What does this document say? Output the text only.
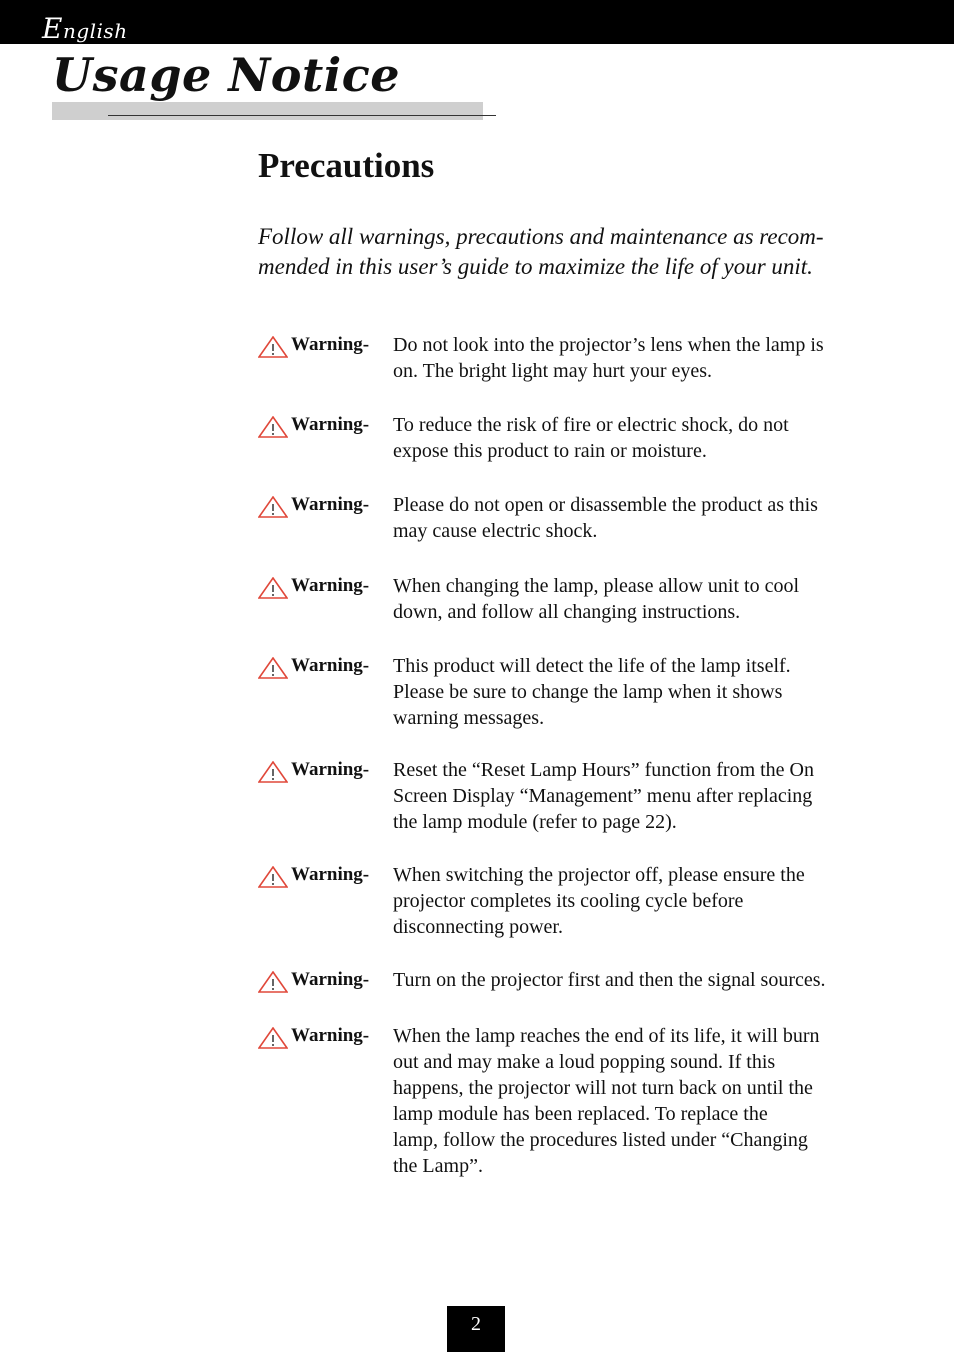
English
Usage Notice
Precautions

Follow all warnings, precautions and maintenance as recom-
mended in this user’s guide to maximize the life of your unit.

Warning- Do not look into the projector’s lens when the lamp is
on. The bright light may hurt your eyes.

Warning- To reduce the risk of fire or electric shock, do not
expose this product to rain or moisture.

Warning- Please do not open or disassemble the product as this
may cause electric shock.

Warning- When changing the lamp, please allow unit to cool
down, and follow all changing instructions.

Warning- This product will detect the life of the lamp itself.
Please be sure to change the lamp when it shows
warning messages.

Warning- Reset the “Reset Lamp Hours” function from the On
Screen Display “Management” menu after replacing
the lamp module (refer to page 22).

Warning- When switching the projector off, please ensure the
projector completes its cooling cycle before
disconnecting power.

Warning- Turn on the projector first and then the signal sources.

Warning- When the lamp reaches the end of its life, it will burn
out and may make a loud popping sound. If this
happens, the projector will not turn back on until the
lamp module has been replaced. To replace the
lamp, follow the procedures listed under “Changing
the Lamp”.

2
